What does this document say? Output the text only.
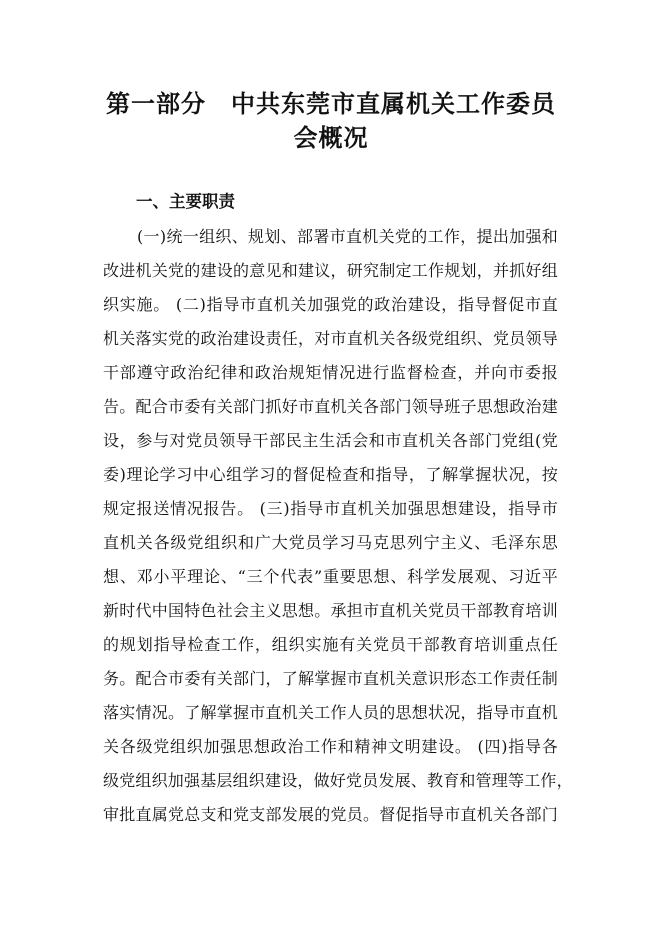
第一部分　中共东莞市直属机关工作委员
会概况
一、主要职责
(一)统一组织、规划、部署市直机关党的工作，提出加强和
改进机关党的建设的意见和建议，研究制定工作规划，并抓好组
织实施。 (二)指导市直机关加强党的政治建设，指导督促市直
机关落实党的政治建设责任，对市直机关各级党组织、党员领导
干部遵守政治纪律和政治规矩情况进行监督检查，并向市委报
告。配合市委有关部门抓好市直机关各部门领导班子思想政治建
设，参与对党员领导干部民主生活会和市直机关各部门党组(党
委)理论学习中心组学习的督促检查和指导，了解掌握状况，按
规定报送情况报告。 (三)指导市直机关加强思想建设，指导市
直机关各级党组织和广大党员学习马克思列宁主义、毛泽东思
想、邓小平理论、“三个代表”重要思想、科学发展观、习近平
新时代中国特色社会主义思想。承担市直机关党员干部教育培训
的规划指导检查工作，组织实施有关党员干部教育培训重点任
务。配合市委有关部门，了解掌握市直机关意识形态工作责任制
落实情况。了解掌握市直机关工作人员的思想状况，指导市直机
关各级党组织加强思想政治工作和精神文明建设。 (四)指导各
级党组织加强基层组织建设，做好党员发展、教育和管理等工作，
审批直属党总支和党支部发展的党员。督促指导市直机关各部门
